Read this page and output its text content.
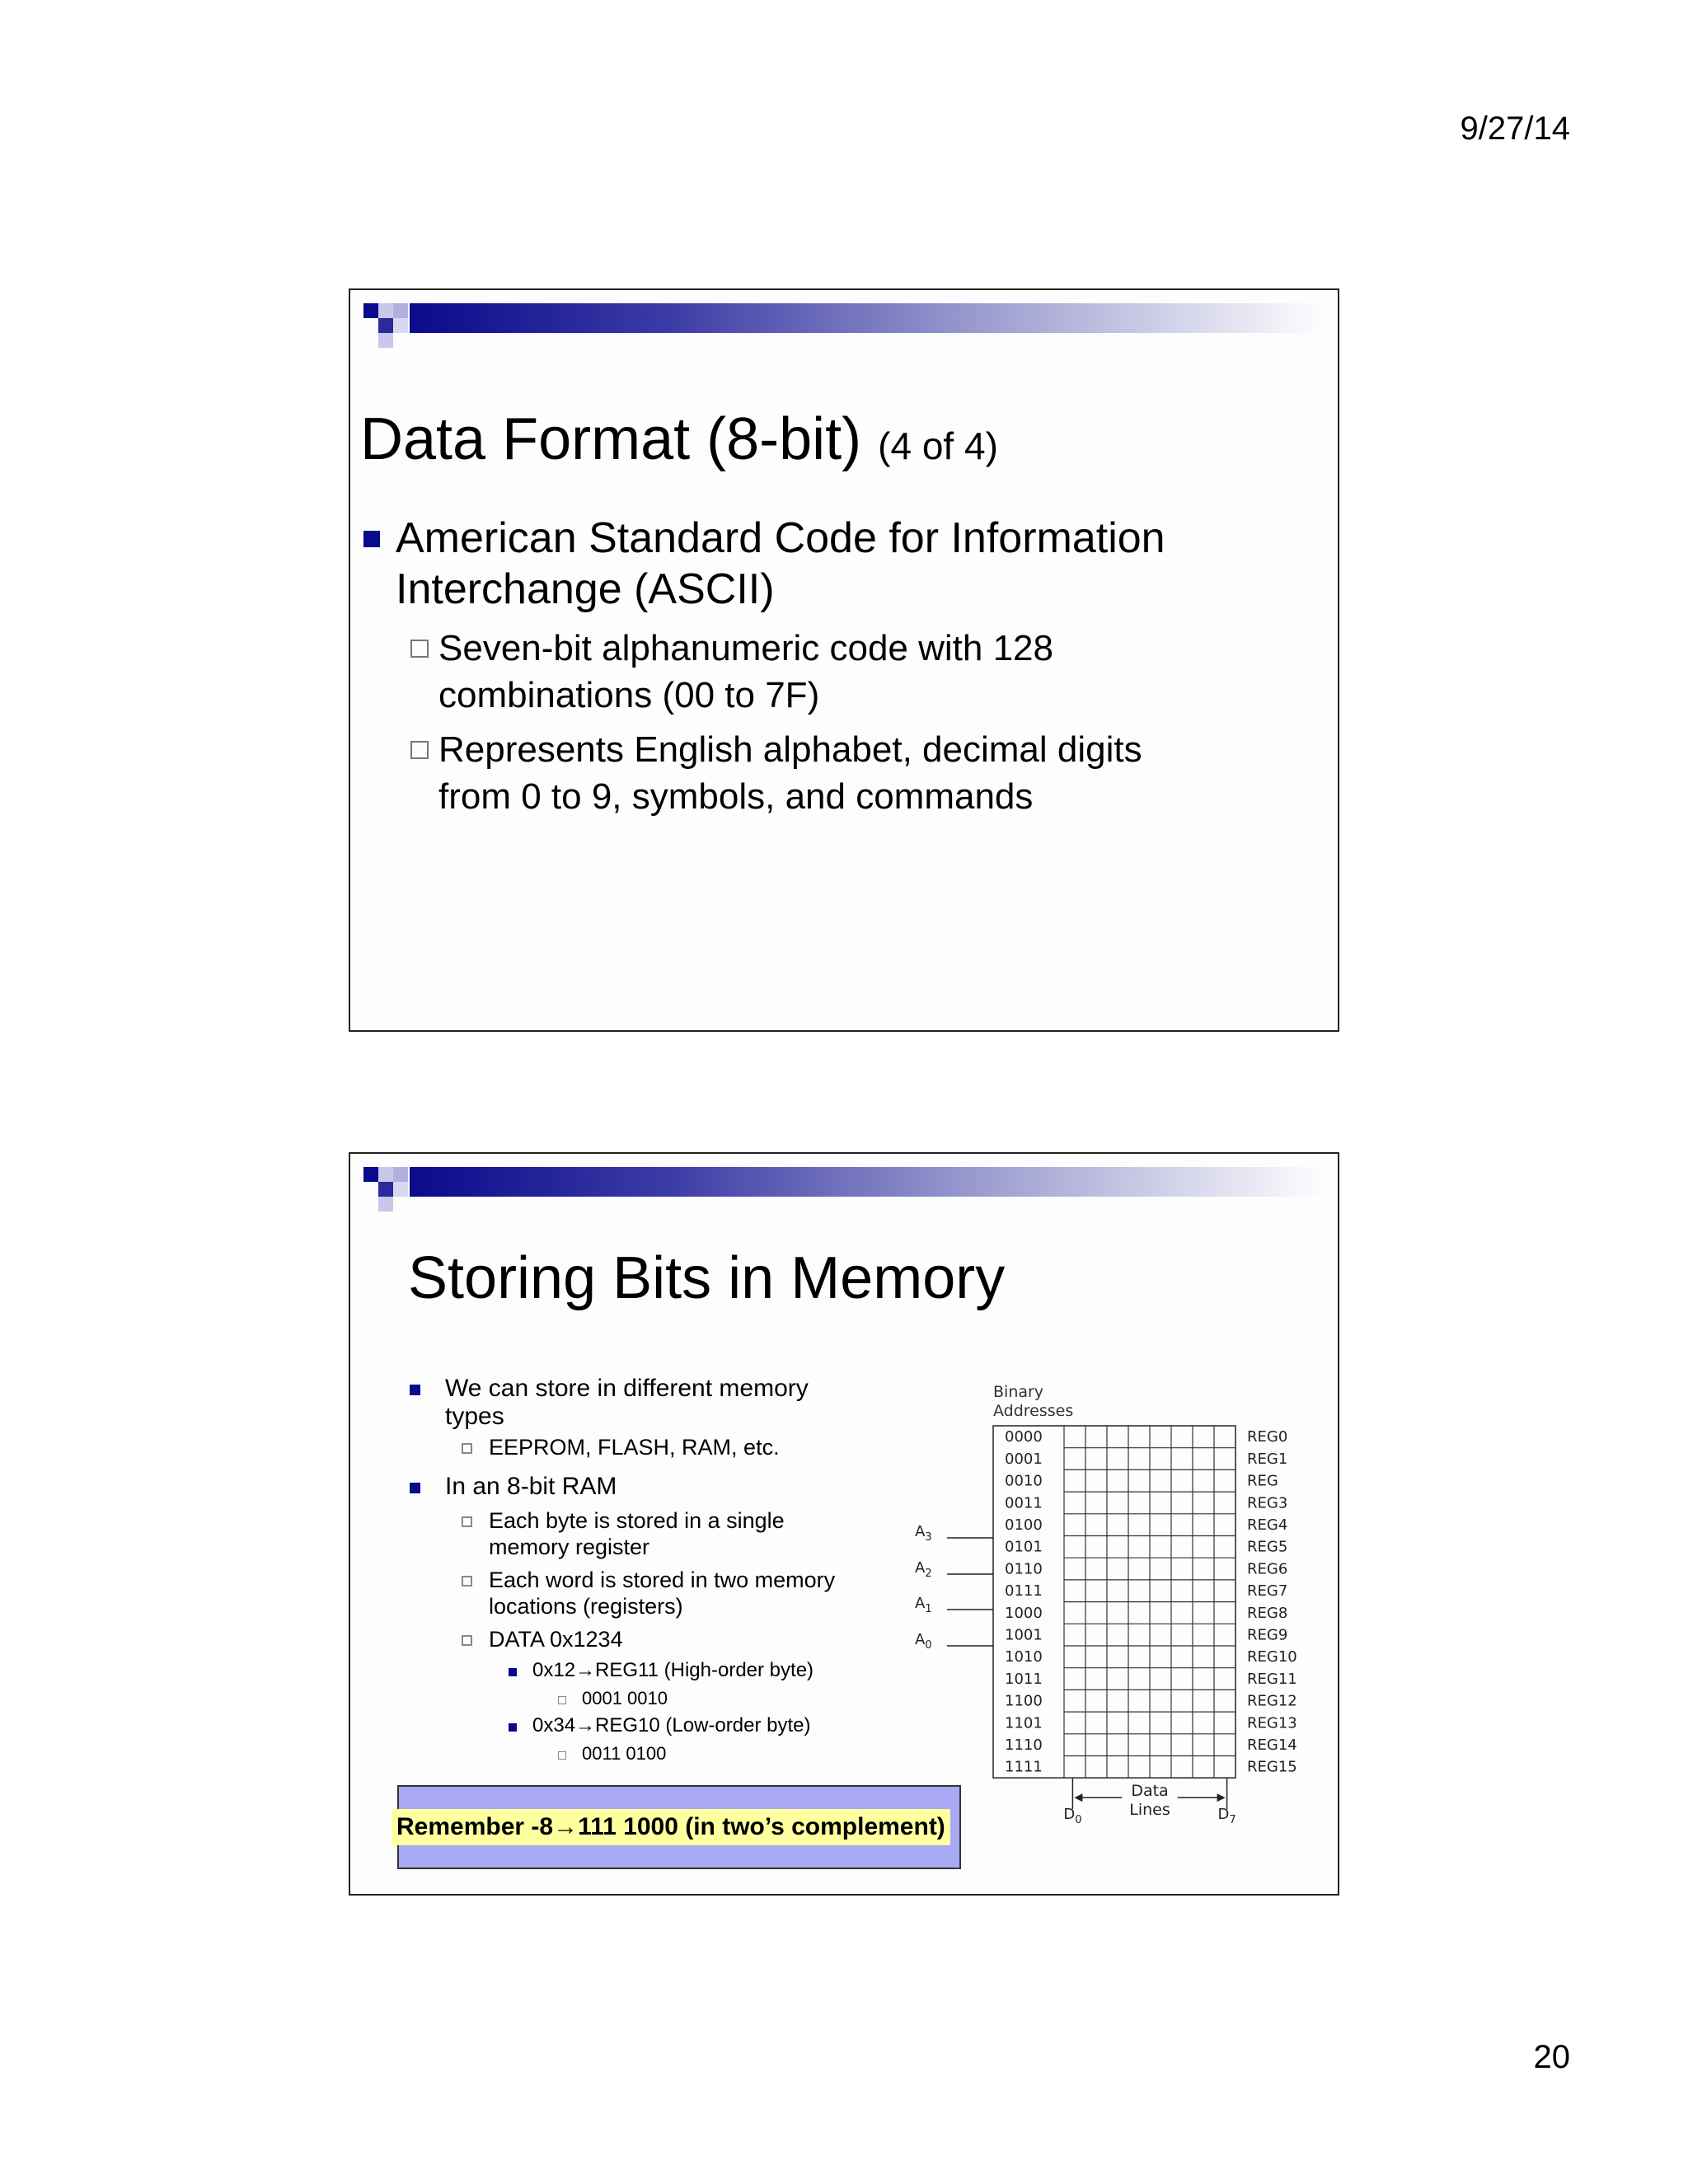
9/27/14
Data Format (8-bit) (4 of 4)
American Standard Code for Information
Interchange (ASCII)
Seven-bit alphanumeric code with 128
combinations (00 to 7F)
Represents English alphabet, decimal digits
from 0 to 9, symbols, and commands
Storing Bits in Memory
We can store in different memory
types
EEPROM, FLASH, RAM, etc.
In an 8-bit RAM
Each byte is stored in a single
memory register
Each word is stored in two memory
locations (registers)
DATA 0x1234
0x12→REG11 (High-order byte)
0001 0010
0x34→REG10 (Low-order byte)
0011 0100
Remember -8→111 1000 (in two’s complement)
Binary
Addresses
0000
0001
0010
0011
0100
0101
0110
0111
1000
1001
1010
1011
1100
1101
1110
1111
REG0
REG1
REG
REG3
REG4
REG5
REG6
REG7
REG8
REG9
REG10
REG11
REG12
REG13
REG14
REG15
$A_3$
$A_2$
$A_1$
$A_0$
Data
Lines
$D_0$	$D_7$
20
